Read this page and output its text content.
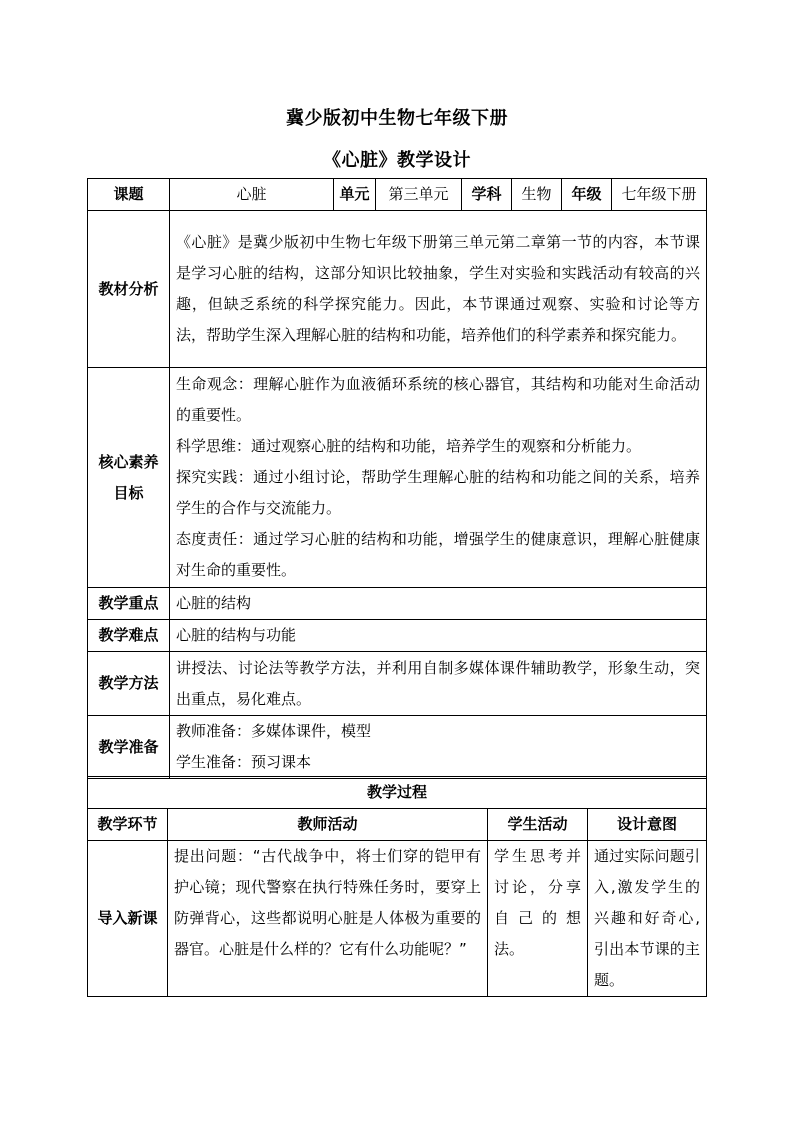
冀少版初中生物七年级下册
《心脏》教学设计
课题	心脏	单元	第三单元	学科	生物	年级	七年级下册
教材分析	《心脏》是冀少版初中生物七年级下册第三单元第二章第一节的内容，本节课是学习心脏的结构，这部分知识比较抽象，学生对实验和实践活动有较高的兴趣，但缺乏系统的科学探究能力。因此，本节课通过观察、实验和讨论等方法，帮助学生深入理解心脏的结构和功能，培养他们的科学素养和探究能力。						

核心素养
目标	生命观念：理解心脏作为血液循环系统的核心器官，其结构和功能对生命活动的重要性。
科学思维：通过观察心脏的结构和功能，培养学生的观察和分析能力。
探究实践：通过小组讨论，帮助学生理解心脏的结构和功能之间的关系，培养学生的合作与交流能力。
态度责任：通过学习心脏的结构和功能，增强学生的健康意识，理解心脏健康对生命的重要性。						

教学重点	心脏的结构						
教学难点	心脏的结构与功能						
教学方法	讲授法、讨论法等教学方法，并利用自制多媒体课件辅助教学，形象生动，突出重点，易化难点。						
教学准备	教师准备：多媒体课件，模型
学生准备：预习课本						
教学过程			
教学环节	教师活动	学生活动	设计意图
导入新课	提出问题：“古代战争中，将士们穿的铠甲有护心镜；现代警察在执行特殊任务时，要穿上防弹背心，这些都说明心脏是人体极为重要的器官。心脏是什么样的？它有什么功能呢？”	学生思考并讨论，分享自己的想法。	通过实际问题引入,激发学生的兴趣和好奇心,引出本节课的主题。
